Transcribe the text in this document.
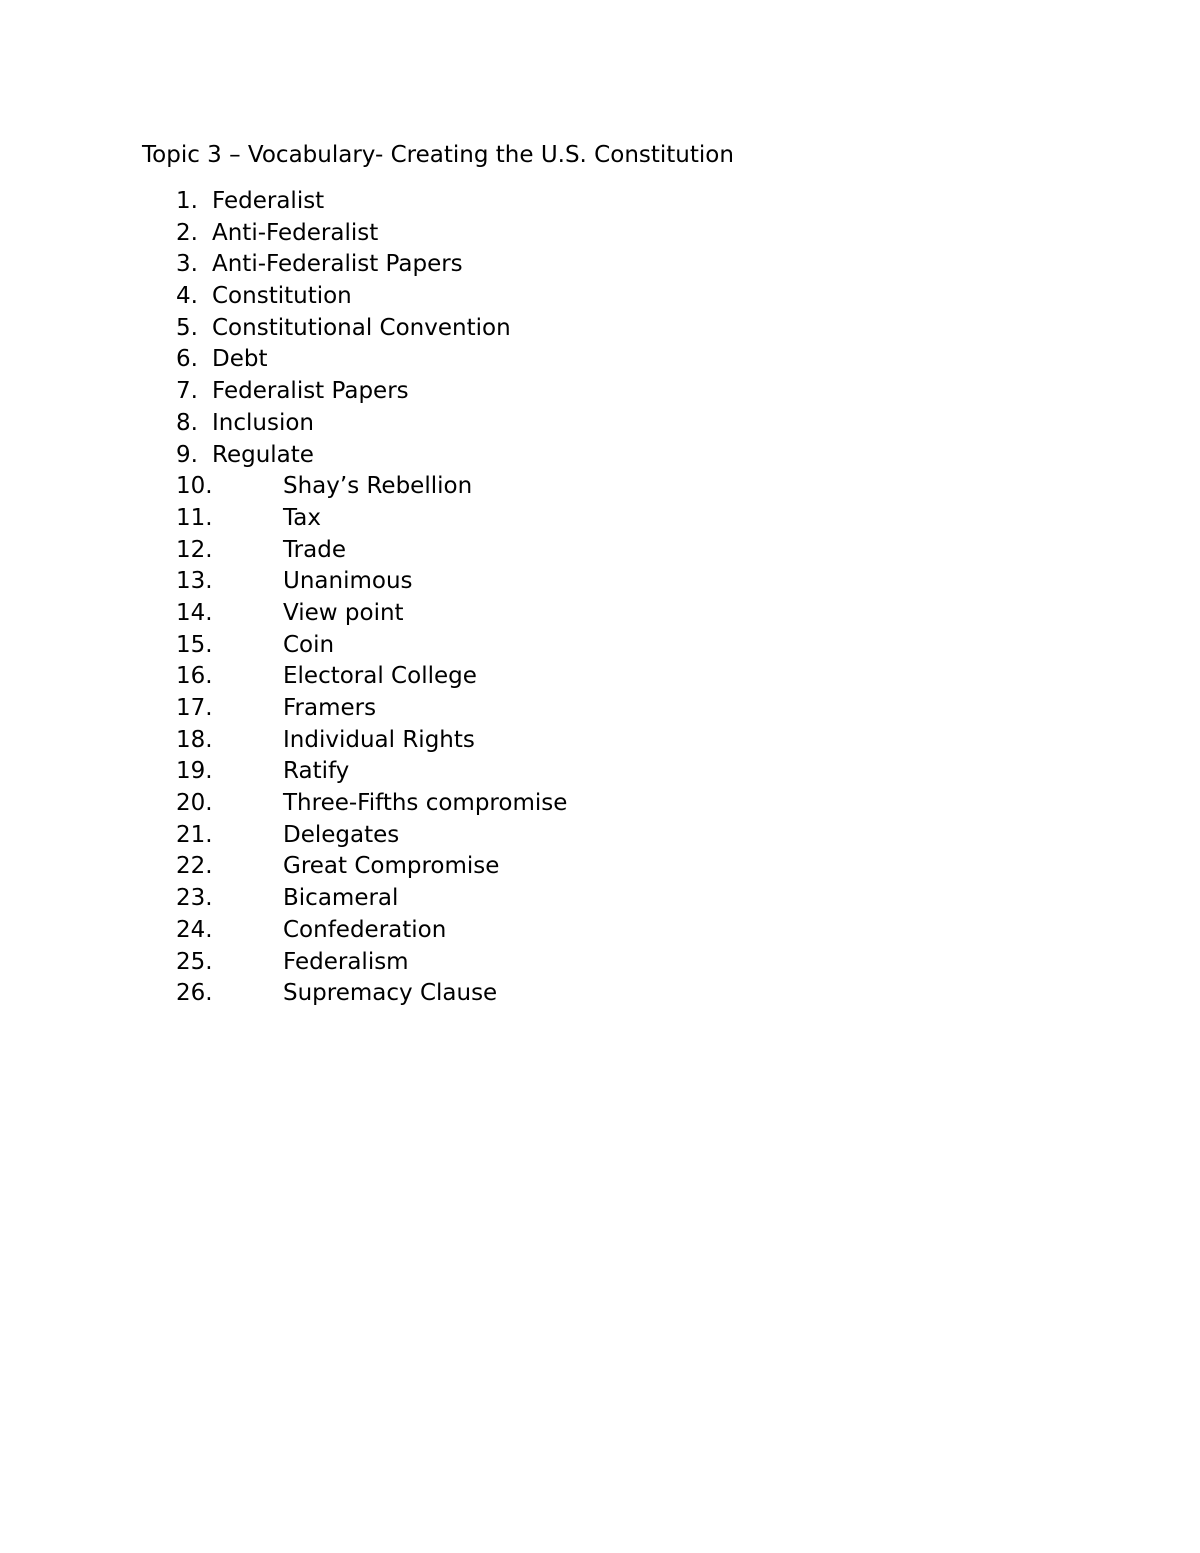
Topic 3 – Vocabulary- Creating the U.S. Constitution
1. Federalist
2. Anti-Federalist
3. Anti-Federalist Papers
4. Constitution
5. Constitutional Convention
6. Debt
7. Federalist Papers
8. Inclusion
9. Regulate
10.	Shay’s Rebellion
11.	Tax
12.	Trade
13.	Unanimous
14.	View point
15.	Coin
16.	Electoral College
17.	Framers
18.	Individual Rights
19.	Ratify
20.	Three-Fifths compromise
21.	Delegates
22.	Great Compromise
23.	Bicameral
24.	Confederation
25.	Federalism
26.	Supremacy Clause
